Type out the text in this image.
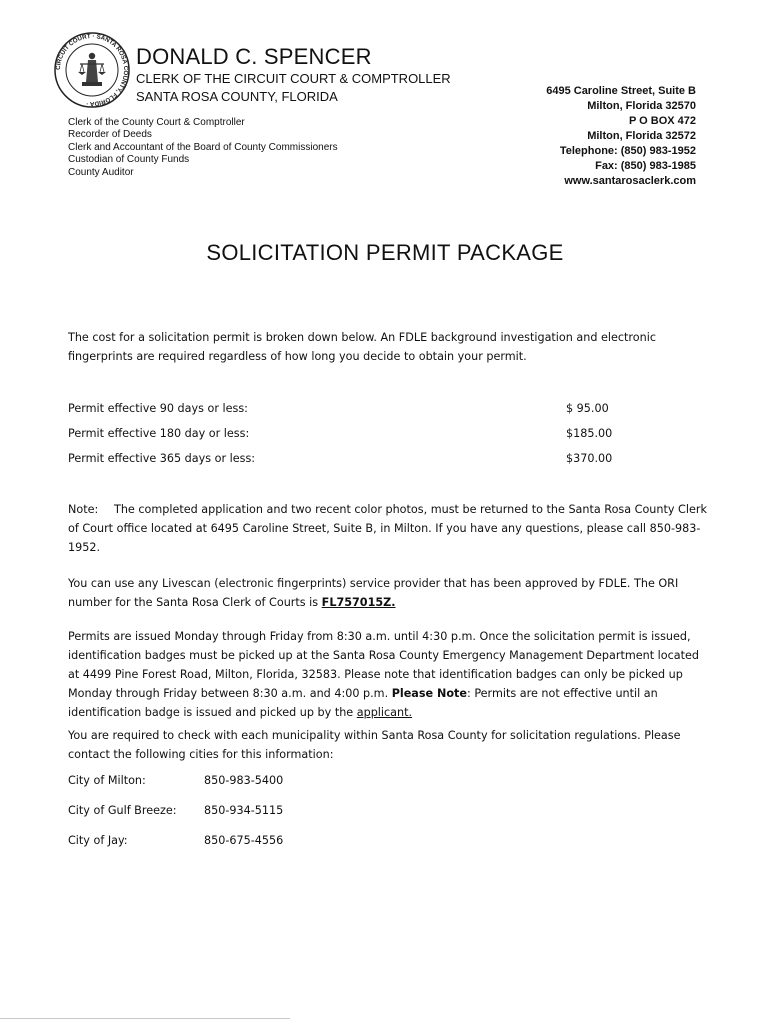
CIRCUIT COURT · SANTA ROSA COUNTY, FLORIDA ·
DONALD C. SPENCER
CLERK OF THE CIRCUIT COURT & COMPTROLLER
SANTA ROSA COUNTY, FLORIDA
Clerk of the County Court & Comptroller
Recorder of Deeds
Clerk and Accountant of the Board of County Commissioners
Custodian of County Funds
County Auditor
6495 Caroline Street, Suite B
Milton, Florida 32570
P O BOX 472
Milton, Florida 32572
Telephone: (850) 983-1952
Fax: (850) 983-1985
www.santarosaclerk.com
SOLICITATION PERMIT PACKAGE
The cost for a solicitation permit is broken down below. An FDLE background investigation and electronic fingerprints are required regardless of how long you decide to obtain your permit.
Permit effective 90 days or less:	$ 95.00
Permit effective 180 day or less:	$185.00
Permit effective 365 days or less:	$370.00
Note: The completed application and two recent color photos, must be returned to the Santa Rosa County Clerk of Court office located at 6495 Caroline Street, Suite B, in Milton. If you have any questions, please call 850-983-1952.
You can use any Livescan (electronic fingerprints) service provider that has been approved by FDLE. The ORI number for the Santa Rosa Clerk of Courts is FL757015Z.
Permits are issued Monday through Friday from 8:30 a.m. until 4:30 p.m. Once the solicitation permit is issued, identification badges must be picked up at the Santa Rosa County Emergency Management Department located at 4499 Pine Forest Road, Milton, Florida, 32583. Please note that identification badges can only be picked up Monday through Friday between 8:30 a.m. and 4:00 p.m. Please Note: Permits are not effective until an identification badge is issued and picked up by the applicant.
You are required to check with each municipality within Santa Rosa County for solicitation regulations. Please contact the following cities for this information:
City of Milton:	850-983-5400
City of Gulf Breeze: 850-934-5115
City of Jay:	850-675-4556
